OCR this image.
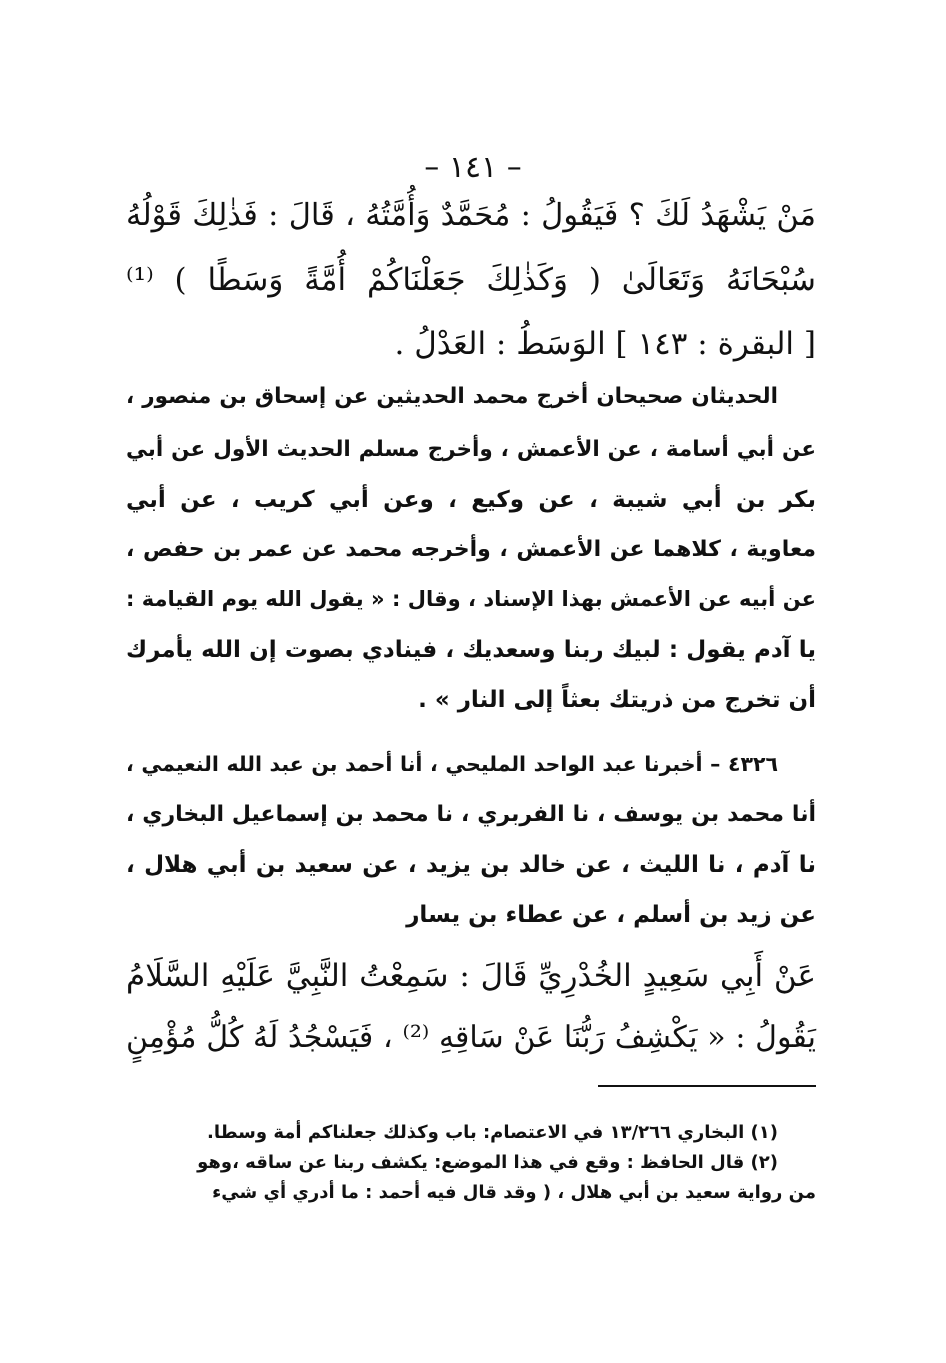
– ١٤١ –
مَنْ يَشْهَدُ لَكَ ؟ فَيَقُولُ : مُحَمَّدٌ وَأُمَّتُهُ ، قَالَ : فَذٰلِكَ قَوْلُهُ
سُبْحَانَهُ وَتَعَالَىٰ ( وَكَذٰلِكَ جَعَلْنَاكُمْ أُمَّةً وَسَطًا ) ⁽¹⁾
[ البقرة : ١٤٣ ] الوَسَطُ : العَدْلُ .
الحديثان صحيحان أخرج محمد الحديثين عن إسحاق بن منصور ،
عن أبي أسامة ، عن الأعمش ، وأخرج مسلم الحديث الأول عن أبي
بكر بن أبي شيبة ، عن وكيع ، وعن أبي كريب ، عن أبي
معاوية ، كلاهما عن الأعمش ، وأخرجه محمد عن عمر بن حفص ،
عن أبيه عن الأعمش بهذا الإسناد ، وقال : « يقول الله يوم القيامة :
يا آدم يقول : لبيك ربنا وسعديك ، فينادي بصوت إن الله يأمرك
أن تخرج من ذريتك بعثاً إلى النار » .
٤٣٢٦ – أخبرنا عبد الواحد المليحي ، أنا أحمد بن عبد الله النعيمي ،
أنا محمد بن يوسف ، نا الفربري ، نا محمد بن إسماعيل البخاري ،
نا آدم ، نا الليث ، عن خالد بن يزيد ، عن سعيد بن أبي هلال ،
عن زيد بن أسلم ، عن عطاء بن يسار
عَنْ أَبِي سَعِيدٍ الخُدْرِيِّ قَالَ : سَمِعْتُ النَّبِيَّ عَلَيْهِ السَّلَامُ
يَقُولُ : « يَكْشِفُ رَبُّنَا عَنْ سَاقِهِ ⁽²⁾ ، فَيَسْجُدُ لَهُ كُلُّ مُؤْمِنٍ
(١) البخاري ١٣/٢٦٦ في الاعتصام: باب وكذلك جعلناكم أمة وسطا.
(٢) قال الحافظ : وقع في هذا الموضع: يكشف ربنا عن ساقه ،وهو
من رواية سعيد بن أبي هلال ، ( وقد قال فيه أحمد : ما أدري أي شيء
